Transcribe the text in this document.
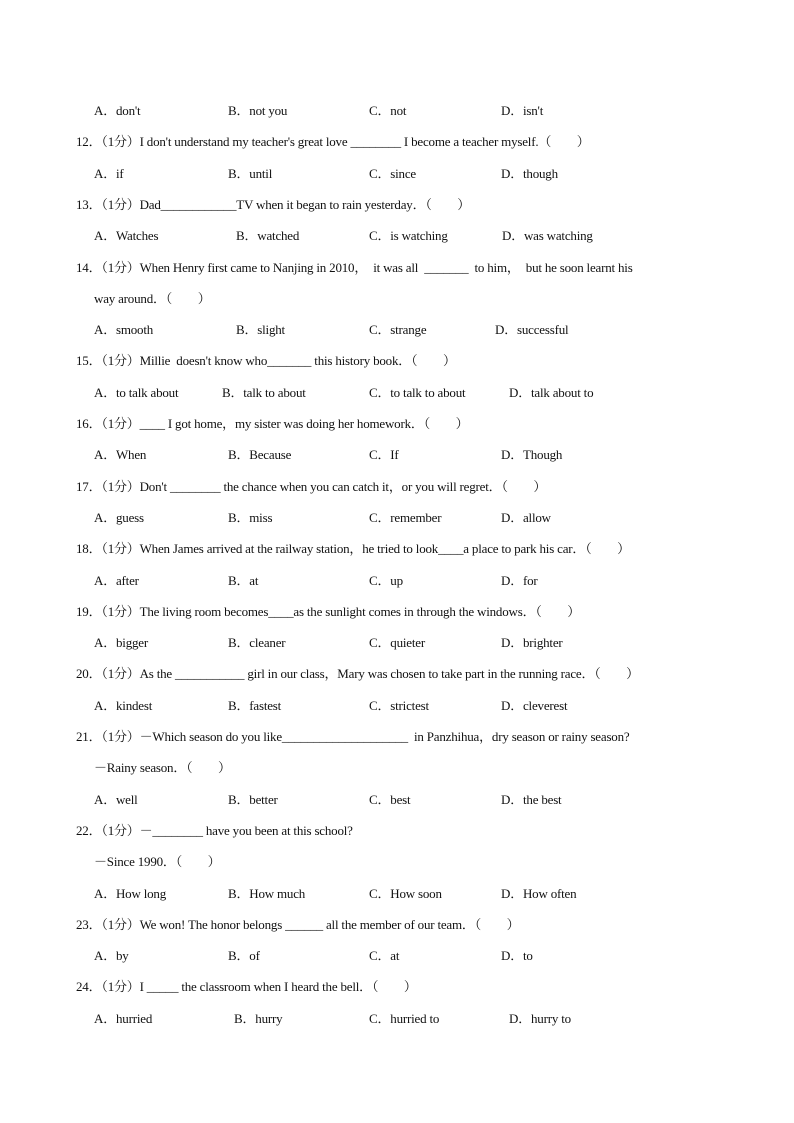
A．don't	B．not you	C．not	D．isn't
12．（1分）I don't understand my teacher's great love ________ I become a teacher myself.（　　）
A．if	B．until	C．since	D．though
13．（1分）Dad____________TV when it began to rain yesterday．（　　）
A．Watches	B．watched	C．is watching	D．was watching
14．（1分）When Henry first came to Nanjing in 2010，  it was all  _______  to him，  but he soon learnt his
way around．（　　）
A．smooth	B．slight	C．strange	D．successful
15．（1分）Millie  doesn't know who_______ this history book．（　　）
A．to talk about	B．talk to about	C．to talk to about	D．talk about to
16．（1分）____ I got home，my sister was doing her homework．（　　）
A．When	B．Because	C．If	D．Though
17．（1分）Don't ________ the chance when you can catch it，or you will regret．（　　）
A．guess	B．miss	C．remember	D．allow
18．（1分）When James arrived at the railway station，he tried to look____a place to park his car．（　　）
A．after	B．at	C．up	D．for
19．（1分）The living room becomes____as the sunlight comes in through the windows．（　　）
A．bigger	B．cleaner	C．quieter	D．brighter
20．（1分）As the ___________ girl in our class，Mary was chosen to take part in the running race．（　　）
A．kindest	B．fastest	C．strictest	D．cleverest
21．（1分）－Which season do you like____________________  in Panzhihua，dry season or rainy season?
－Rainy season．（　　）
A．well	B．better	C．best	D．the best
22．（1分）－________ have you been at this school?
－Since 1990．（　　）
A．How long	B．How much	C．How soon	D．How often
23．（1分）We won! The honor belongs ______ all the member of our team．（　　）
A．by	B．of	C．at	D．to
24．（1分）I _____ the classroom when I heard the bell．（　　）
A．hurried	B．hurry	C．hurried to	D．hurry to
